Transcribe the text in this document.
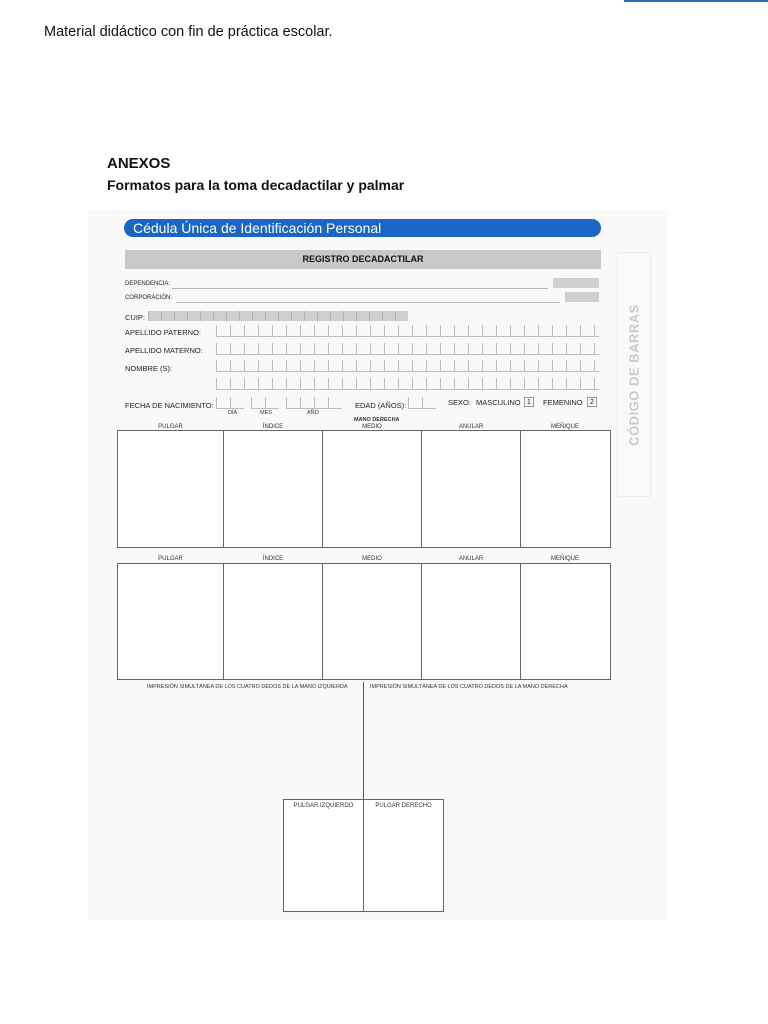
Material didáctico con fin de práctica escolar.
ANEXOS
Formatos para la toma decadactilar y palmar
Cédula Única de Identificación Personal
REGISTRO DECADACTILAR
CÓDIGO DE BARRAS
DEPENDENCIA:
CORPORACIÓN:
CUIP:
APELLIDO PATERNO:
APELLIDO MATERNO:
NOMBRE (S):
FECHA DE NACIMIENTO:
DÍA	MES	AÑO
EDAD (AÑOS):	SEXO: MASCULINO 1	FEMENINO	2
MANO DERECHA
PULGAR	ÍNDICE	MEDIO	ANULAR	MEÑIQUE
PULGAR	ÍNDICE	MEDIO	ANULAR	MEÑIQUE
IMPRESIÓN SIMULTÁNEA DE LOS CUATRO DEDOS DE LA MANO IZQUIERDA	IMPRESIÓN SIMULTÁNEA DE LOS CUATRO DEDOS DE LA MANO DERECHA
PULGAR IZQUIERDO	PULGAR DERECHO
